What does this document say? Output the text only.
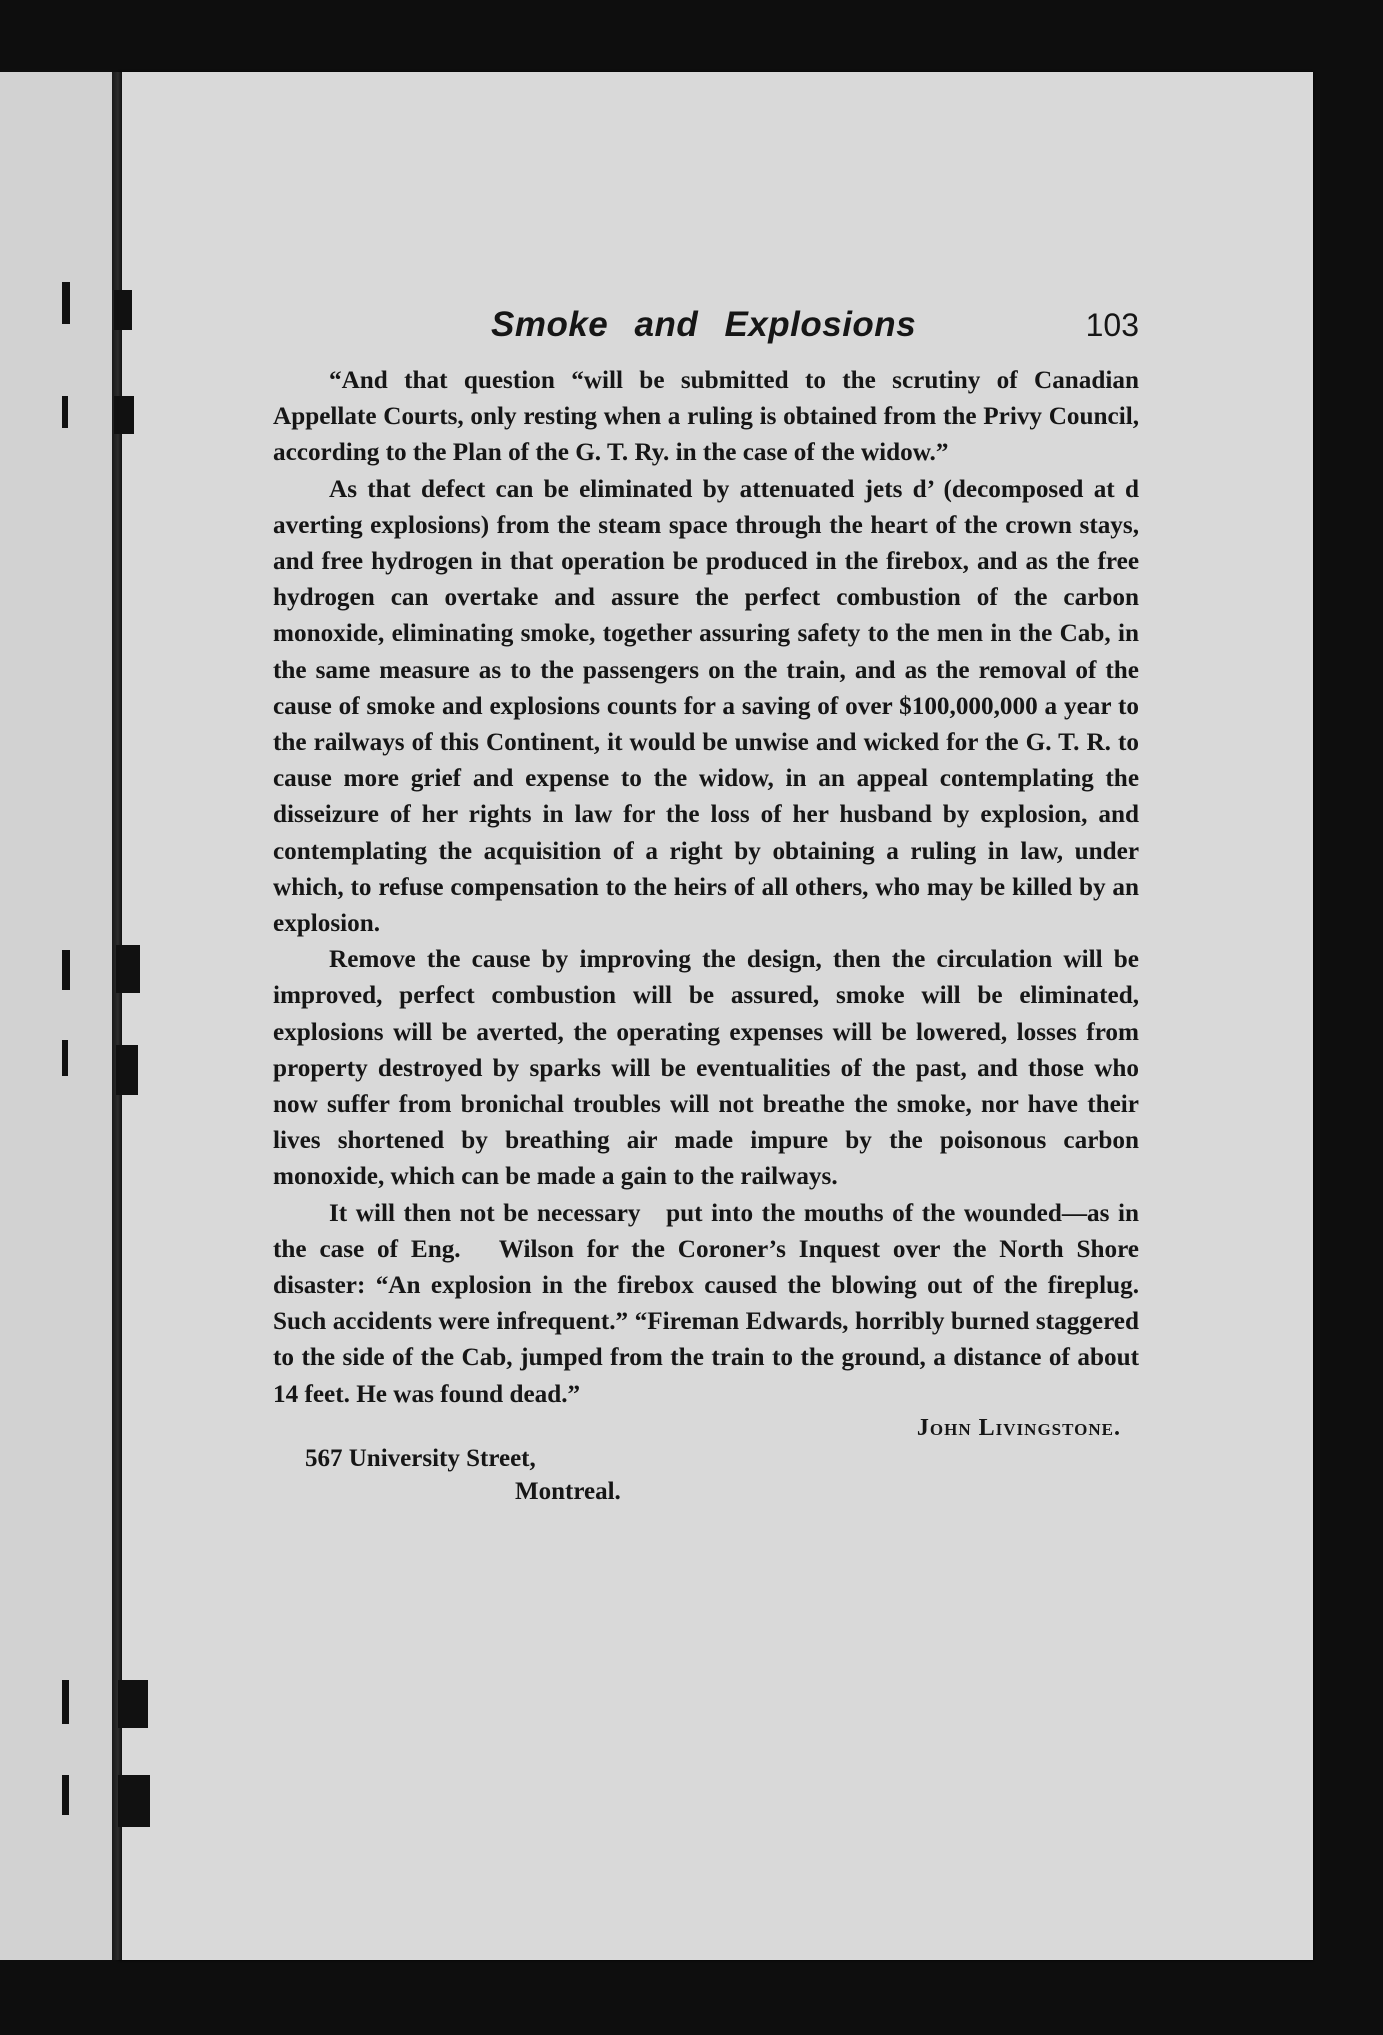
Smoke and Explosions	103

“And that question “will be submitted to the scrutiny of Canadian Appellate Courts, only resting when a ruling is obtained from the Privy Council, according to the Plan of the G. T. Ry. in the case of the widow.”

As that defect can be eliminated by attenuated jets d’ (decomposed at d averting explosions) from the steam space through the heart of the crown stays, and free hydrogen in that operation be produced in the firebox, and as the free hydrogen can overtake and assure the perfect combustion of the carbon monoxide, eliminating smoke, together assuring safety to the men in the Cab, in the same measure as to the passengers on the train, and as the removal of the cause of smoke and explosions counts for a saving of over $100,000,000 a year to the railways of this Continent, it would be unwise and wicked for the G. T. R. to cause more grief and expense to the widow, in an appeal contemplating the disseizure of her rights in law for the loss of her husband by explosion, and contemplating the acquisition of a right by obtaining a ruling in law, under which, to refuse compensation to the heirs of all others, who may be killed by an explosion.

Remove the cause by improving the design, then the circulation will be improved, perfect combustion will be assured, smoke will be eliminated, explosions will be averted, the operating expenses will be lowered, losses from property destroyed by sparks will be eventualities of the past, and those who now suffer from bronichal troubles will not breathe the smoke, nor have their lives shortened by breathing air made impure by the poisonous carbon monoxide, which can be made a gain to the railways.

It will then not be necessary   put into the mouths of the wounded—as in the case of Eng.   Wilson for the Coroner’s Inquest over the North Shore disaster: “An explosion in the firebox caused the blowing out of the fireplug. Such accidents were infrequent.” “Fireman Edwards, horribly burned staggered to the side of the Cab, jumped from the train to the ground, a distance of about 14 feet. He was found dead.”

John Livingstone.
567 University Street,
Montreal.
